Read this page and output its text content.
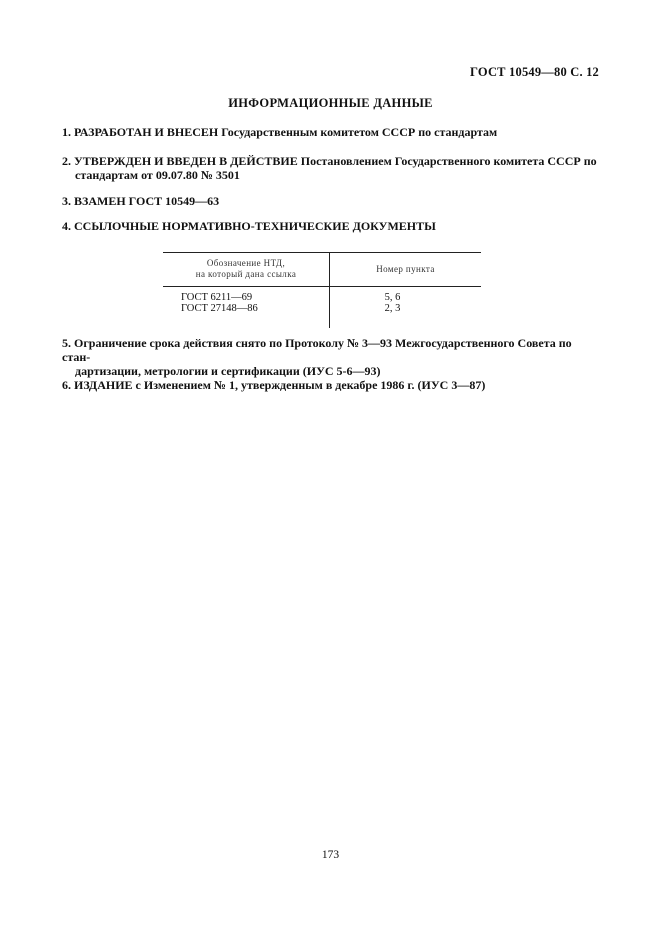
ГОСТ 10549—80 С. 12
ИНФОРМАЦИОННЫЕ ДАННЫЕ
1. РАЗРАБОТАН И ВНЕСЕН Государственным комитетом СССР по стандартам
2. УТВЕРЖДЕН И ВВЕДЕН В ДЕЙСТВИЕ Постановлением Государственного комитета СССР по
стандартам от 09.07.80 № 3501
3. ВЗАМЕН ГОСТ 10549—63
4. ССЫЛОЧНЫЕ НОРМАТИВНО-ТЕХНИЧЕСКИЕ ДОКУМЕНТЫ
Обозначение НТД,
на который дана ссылка	Номер пункта
ГОСТ 6211—69	5, 6
ГОСТ 27148—86	2, 3
5. Ограничение срока действия снято по Протоколу № 3—93 Межгосударственного Совета по стан-
дартизации, метрологии и сертификации (ИУС 5-6—93)
6. ИЗДАНИЕ с Изменением № 1, утвержденным в декабре 1986 г. (ИУС 3—87)
173
